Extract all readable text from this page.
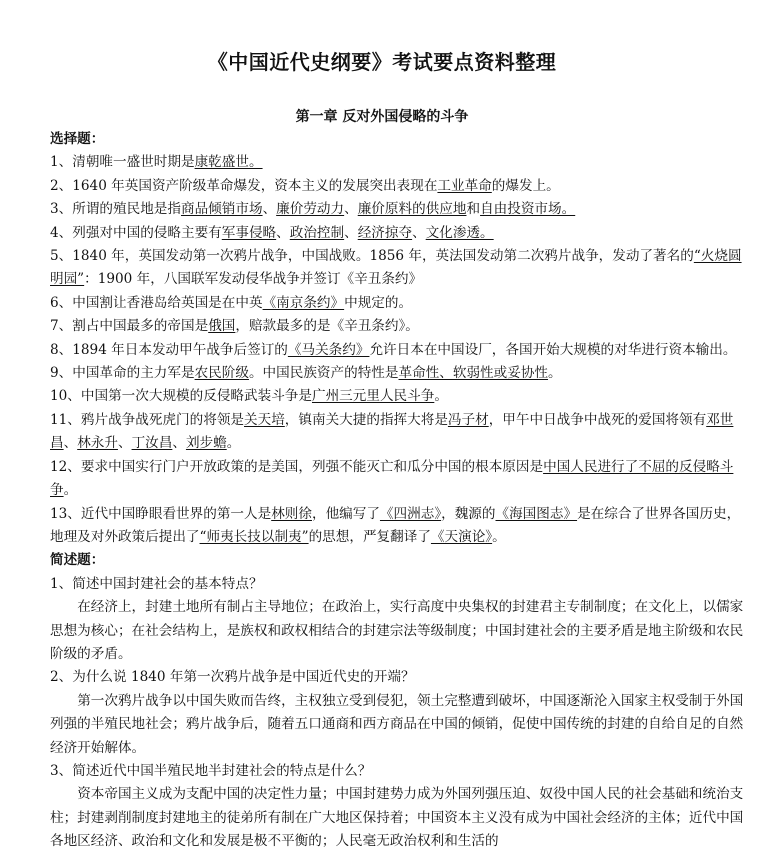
《中国近代史纲要》考试要点资料整理
第一章 反对外国侵略的斗争

选择题：

1、清朝唯一盛世时期是康乾盛世。

2、1640 年英国资产阶级革命爆发，资本主义的发展突出表现在工业革命的爆发上。

3、所谓的殖民地是指商品倾销市场、廉价劳动力、廉价原料的供应地和自由投资市场。

4、列强对中国的侵略主要有军事侵略、政治控制、经济掠夺、文化渗透。

5、1840 年，英国发动第一次鸦片战争，中国战败。1856 年，英法国发动第二次鸦片战争，发动了著名的“火烧圆明园”：1900 年，八国联军发动侵华战争并签订《辛丑条约》

6、中国割让香港岛给英国是在中英《南京条约》中规定的。

7、割占中国最多的帝国是俄国，赔款最多的是《辛丑条约》。

8、1894 年日本发动甲午战争后签订的《马关条约》允许日本在中国设厂，各国开始大规模的对华进行资本输出。

9、中国革命的主力军是农民阶级。中国民族资产的特性是革命性、软弱性或妥协性。

10、中国第一次大规模的反侵略武装斗争是广州三元里人民斗争。

11、鸦片战争战死虎门的将领是关天培，镇南关大捷的指挥大将是冯子材，甲午中日战争中战死的爱国将领有邓世昌、林永升、丁汝昌、刘步蟾。

12、要求中国实行门户开放政策的是美国，列强不能灭亡和瓜分中国的根本原因是中国人民进行了不屈的反侵略斗争。

13、近代中国睁眼看世界的第一人是林则徐，他编写了《四洲志》，魏源的《海国图志》是在综合了世界各国历史，地理及对外政策后提出了“师夷长技以制夷”的思想，严复翻译了《天演论》。

简述题：

1、简述中国封建社会的基本特点？

在经济上，封建土地所有制占主导地位；在政治上，实行高度中央集权的封建君主专制制度；在文化上，以儒家思想为核心；在社会结构上，是族权和政权相结合的封建宗法等级制度；中国封建社会的主要矛盾是地主阶级和农民阶级的矛盾。

2、为什么说 1840 年第一次鸦片战争是中国近代史的开端？

第一次鸦片战争以中国失败而告终，主权独立受到侵犯，领土完整遭到破坏，中国逐渐沦入国家主权受制于外国列强的半殖民地社会；鸦片战争后，随着五口通商和西方商品在中国的倾销，促使中国传统的封建的自给自足的自然经济开始解体。

3、简述近代中国半殖民地半封建社会的特点是什么？

资本帝国主义成为支配中国的决定性力量；中国封建势力成为外国列强压迫、奴役中国人民的社会基础和统治支柱；封建剥削制度封建地主的徒弟所有制在广大地区保持着；中国资本主义没有成为中国社会经济的主体；近代中国各地区经济、政治和文化和发展是极不平衡的；人民毫无政治权利和生活的
